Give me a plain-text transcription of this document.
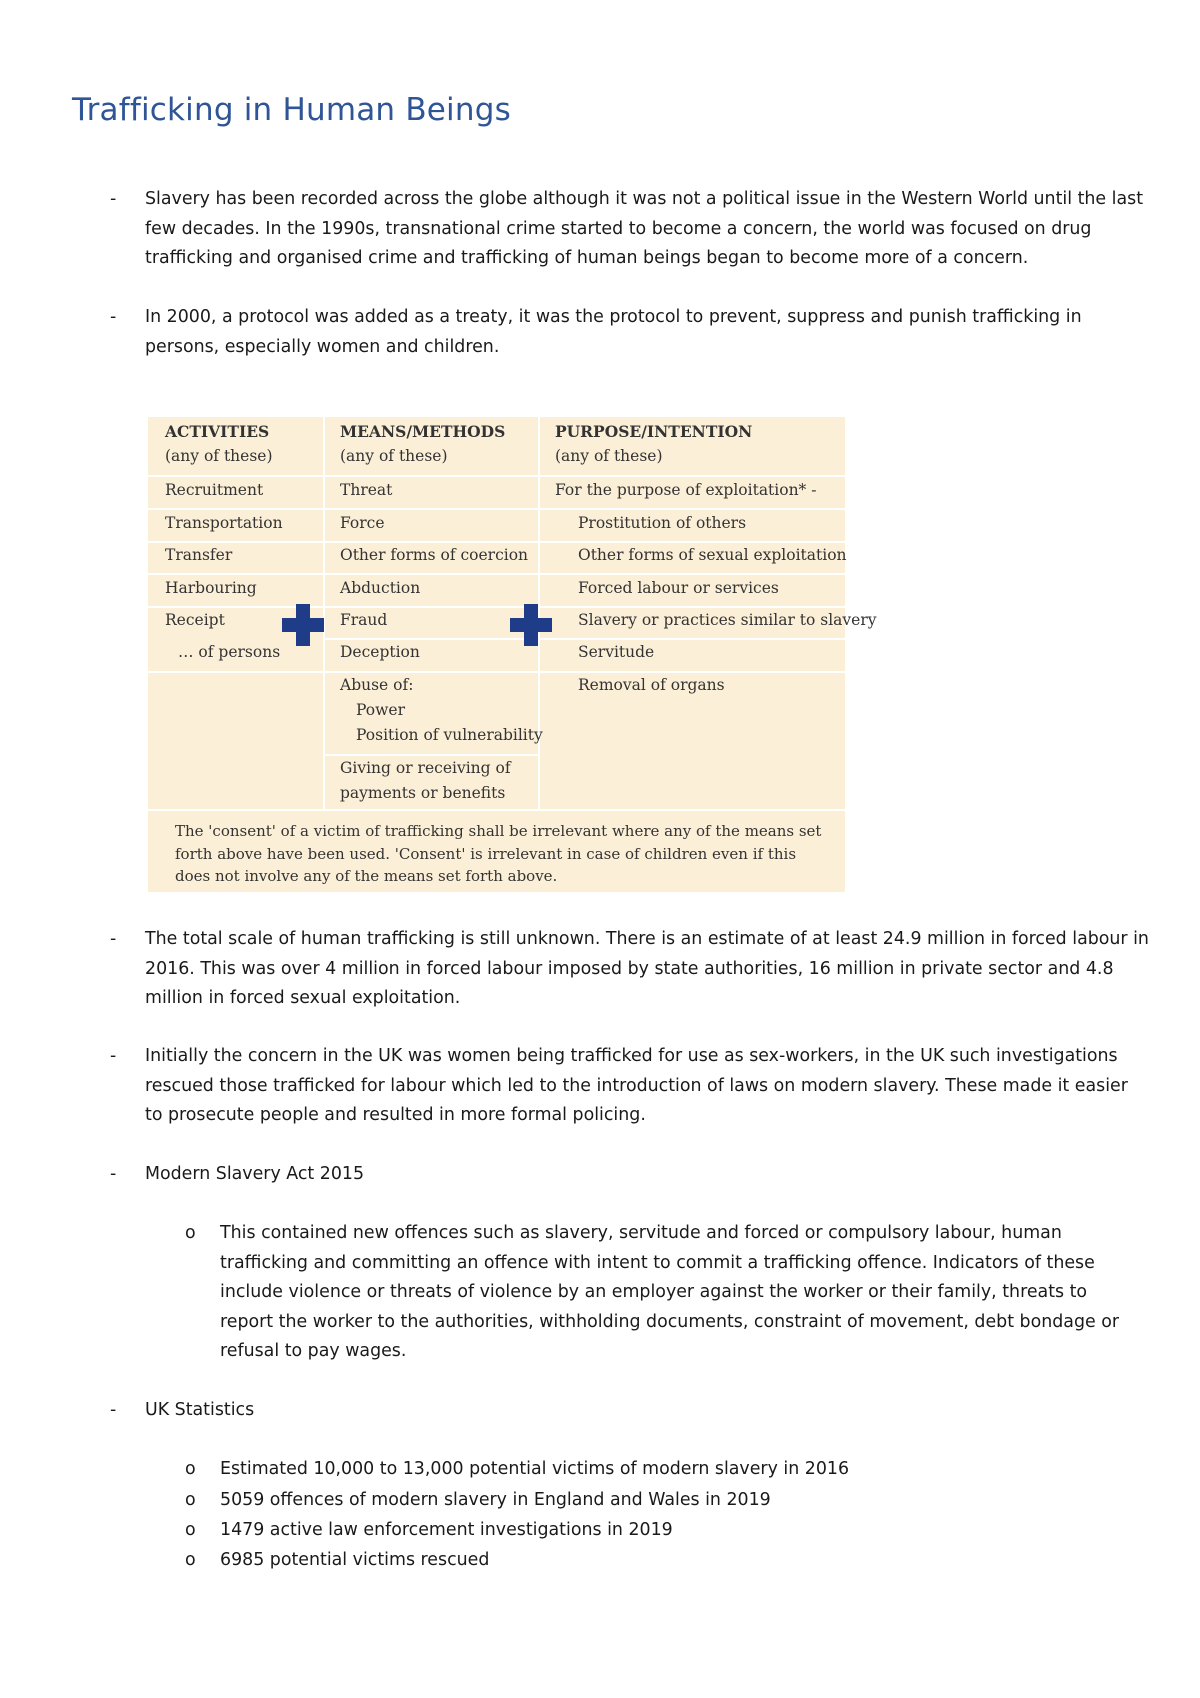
Trafficking in Human Beings
- Slavery has been recorded across the globe although it was not a political issue in the Western World until the last few decades. In the 1990s, transnational crime started to become a concern, the world was focused on drug trafficking and organised crime and trafficking of human beings began to become more of a concern.
- In 2000, a protocol was added as a treaty, it was the protocol to prevent, suppress and punish trafficking in persons, especially women and children.
ACTIVITIES
(any of these)
MEANS/METHODS
(any of these)
PURPOSE/INTENTION
(any of these)
Recruitment
Transportation
Transfer
Harbouring
Receipt
… of persons
Threat
Force
Other forms of coercion
Abduction
Fraud
Deception
Abuse of:
Power
Position of vulnerability
Giving or receiving of
payments or benefits
For the purpose of exploitation* -
Prostitution of others
Other forms of sexual exploitation
Forced labour or services
Slavery or practices similar to slavery
Servitude
Removal of organs
The 'consent' of a victim of trafficking shall be irrelevant where any of the means set forth above have been used. 'Consent' is irrelevant in case of children even if this does not involve any of the means set forth above.
- The total scale of human trafficking is still unknown. There is an estimate of at least 24.9 million in forced labour in 2016. This was over 4 million in forced labour imposed by state authorities, 16 million in private sector and 4.8 million in forced sexual exploitation.
- Initially the concern in the UK was women being trafficked for use as sex-workers, in the UK such investigations rescued those trafficked for labour which led to the introduction of laws on modern slavery. These made it easier to prosecute people and resulted in more formal policing.
- Modern Slavery Act 2015
o This contained new offences such as slavery, servitude and forced or compulsory labour, human trafficking and committing an offence with intent to commit a trafficking offence. Indicators of these include violence or threats of violence by an employer against the worker or their family, threats to report the worker to the authorities, withholding documents, constraint of movement, debt bondage or refusal to pay wages.
- UK Statistics
o Estimated 10,000 to 13,000 potential victims of modern slavery in 2016
o 5059 offences of modern slavery in England and Wales in 2019
o 1479 active law enforcement investigations in 2019
o 6985 potential victims rescued
